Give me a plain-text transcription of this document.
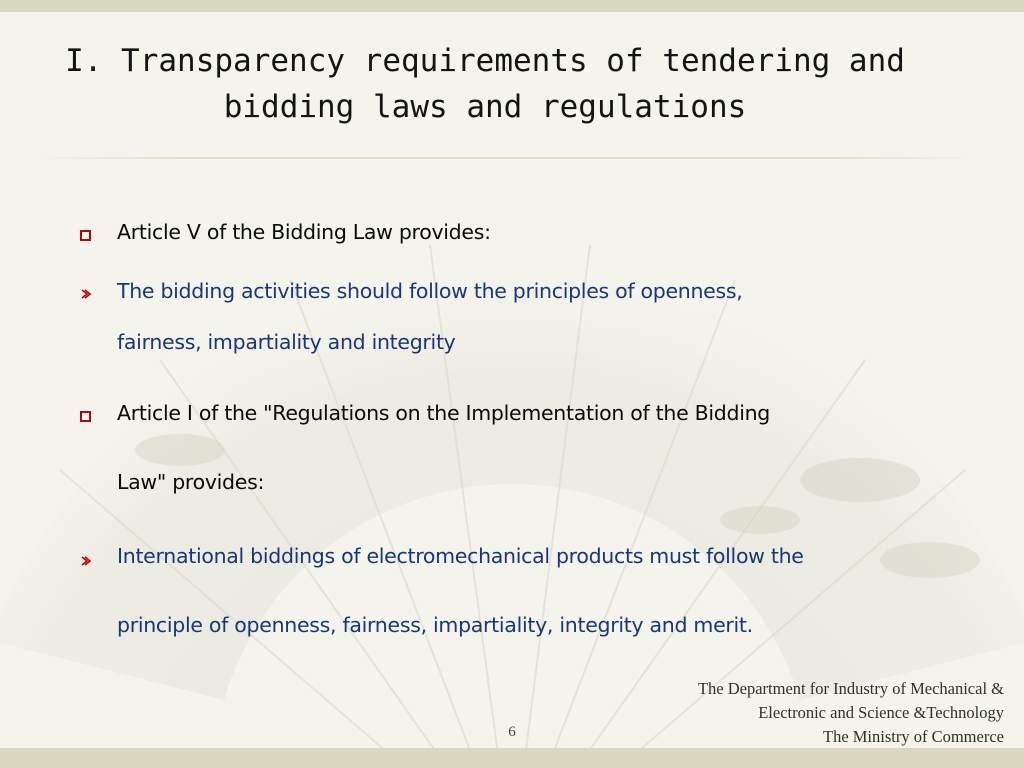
I. Transparency requirements of tendering and
bidding laws and regulations
Article V of the Bidding Law provides:
The bidding activities should follow the principles of openness,
fairness, impartiality and integrity
Article I of the "Regulations on the Implementation of the Bidding
Law" provides:
International biddings of electromechanical products must follow the
principle of openness, fairness, impartiality, integrity and merit.
The Department for Industry of Mechanical &
Electronic and Science &Technology
The Ministry of Commerce
6
